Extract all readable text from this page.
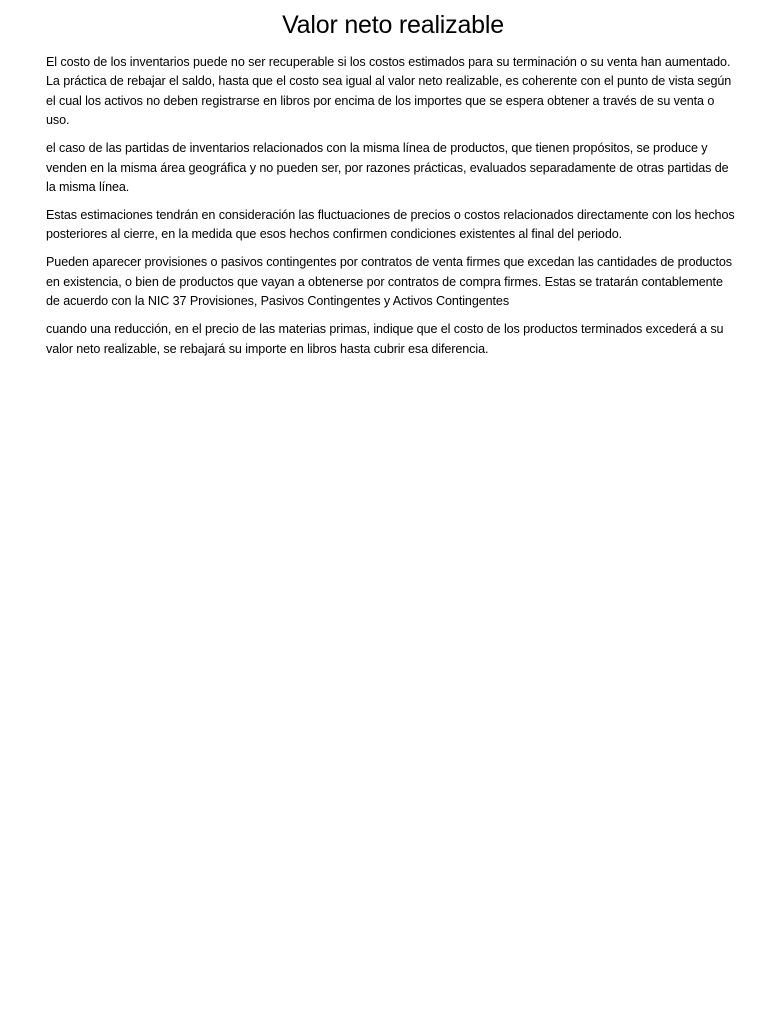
Valor neto realizable

El costo de los inventarios puede no ser recuperable si los costos estimados para su terminación o su venta han aumentado. La práctica de rebajar el saldo, hasta que el costo sea igual al valor neto realizable, es coherente con el punto de vista según el cual los activos no deben registrarse en libros por encima de los importes que se espera obtener a través de su venta o uso.

el caso de las partidas de inventarios relacionados con la misma línea de productos, que tienen propósitos, se produce y venden en la misma área geográfica y no pueden ser, por razones prácticas, evaluados separadamente de otras partidas de la misma línea.

Estas estimaciones tendrán en consideración las fluctuaciones de precios o costos relacionados directamente con los hechos posteriores al cierre, en la medida que esos hechos confirmen condiciones existentes al final del periodo.

Pueden aparecer provisiones o pasivos contingentes por contratos de venta firmes que excedan las cantidades de productos en existencia, o bien de productos que vayan a obtenerse por contratos de compra firmes. Estas se tratarán contablemente de acuerdo con la NIC 37 Provisiones, Pasivos Contingentes y Activos Contingentes

cuando una reducción, en el precio de las materias primas, indique que el costo de los productos terminados excederá a su valor neto realizable, se rebajará su importe en libros hasta cubrir esa diferencia.
